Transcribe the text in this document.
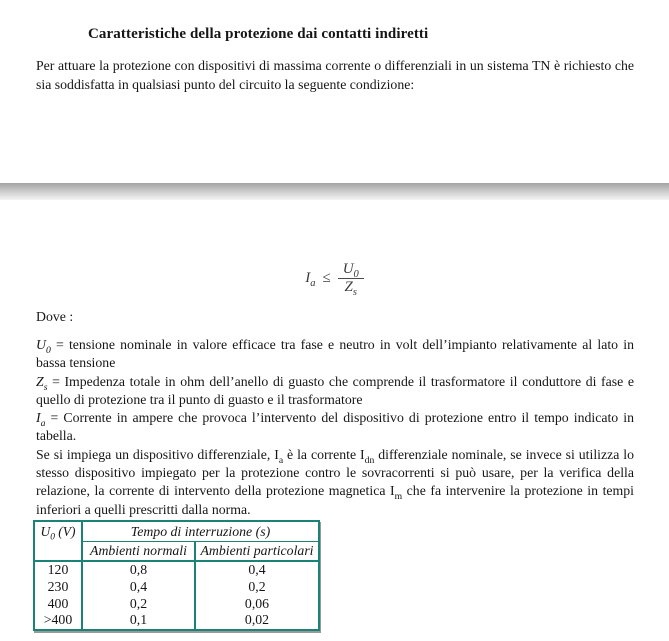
Caratteristiche della protezione dai contatti indiretti
Per attuare la protezione con dispositivi di massima corrente o differenziali in un sistema TN è richiesto che sia soddisfatta in qualsiasi punto del circuito la seguente condizione:
$I_a \le \frac{U_0}{Z_s}$
Dove :
$U_0$ = tensione nominale in valore efficace tra fase e neutro in volt dell’impianto relativamente al lato in bassa tensione
$Z_s$ = Impedenza totale in ohm dell’anello di guasto che comprende il trasformatore il conduttore di fase e quello di protezione tra il punto di guasto e il trasformatore
$I_a$ = Corrente in ampere che provoca l’intervento del dispositivo di protezione entro il tempo indicato in tabella.
Se si impiega un dispositivo differenziale, $I_a$ è la corrente $I_{dn}$ differenziale nominale, se invece si utilizza lo stesso dispositivo impiegato per la protezione contro le sovracorrenti si può usare, per la verifica della relazione, la corrente di intervento della protezione magnetica $I_m$ che fa intervenire la protezione in tempi inferiori a quelli prescritti dalla norma.
$U_0$ (V)	Tempo di interruzione (s)	
	Ambienti normali	Ambienti particolari
120	0,8	0,4
230	0,4	0,2
400	0,2	0,06
>400	0,1	0,02
